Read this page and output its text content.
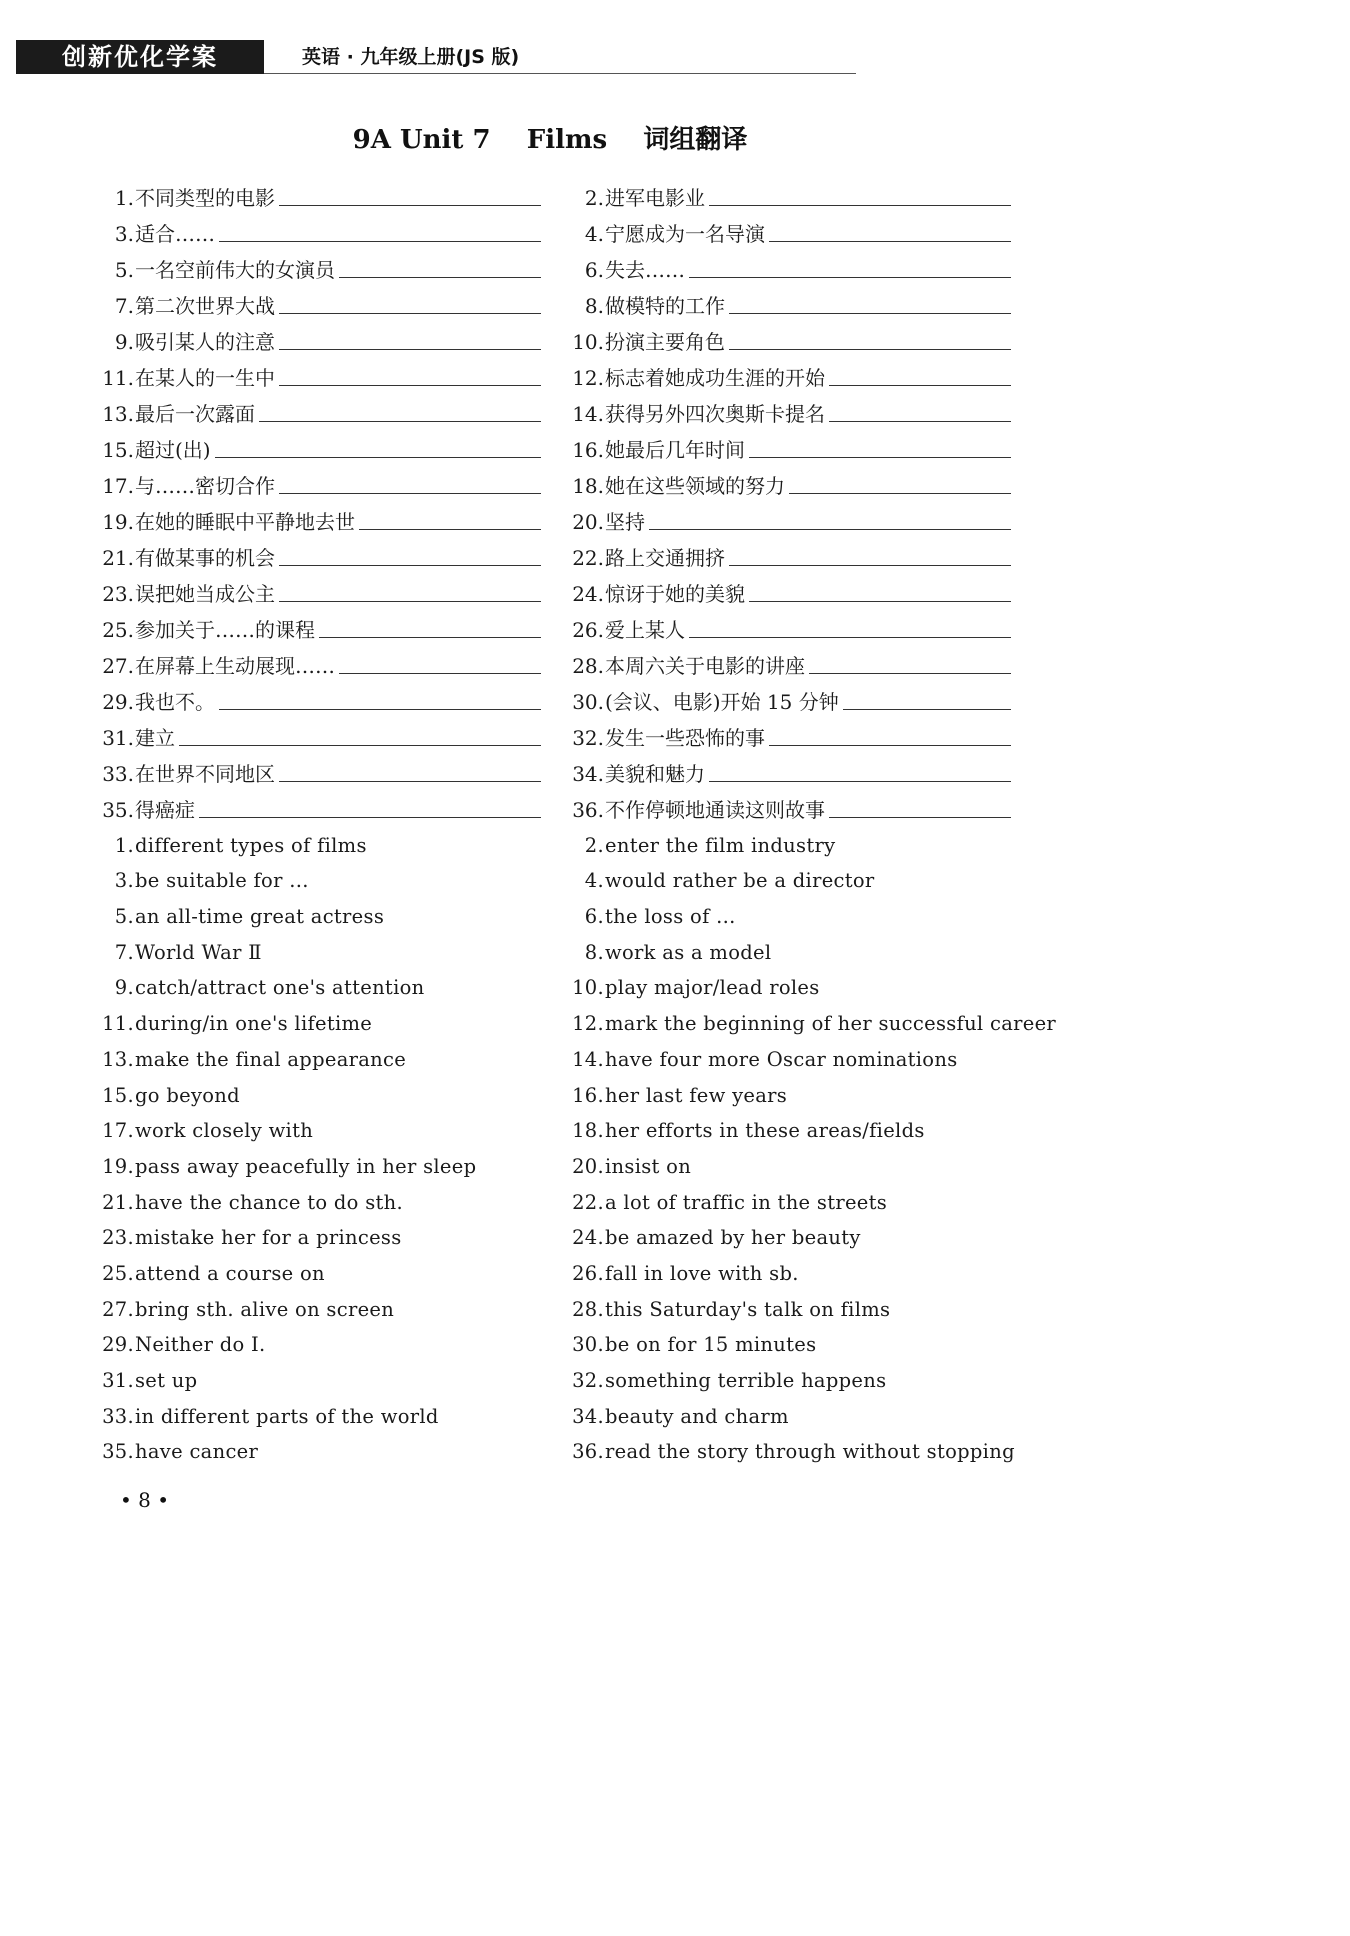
创新优化学案	英语 · 九年级上册(JS 版)
9A Unit 7    Films    词组翻译
1. 不同类型的电影	2. 进军电影业
3. 适合……	4. 宁愿成为一名导演
5. 一名空前伟大的女演员	6. 失去……
7. 第二次世界大战	8. 做模特的工作
9. 吸引某人的注意	10. 扮演主要角色
11. 在某人的一生中	12. 标志着她成功生涯的开始
13. 最后一次露面	14. 获得另外四次奥斯卡提名
15. 超过(出)	16. 她最后几年时间
17. 与……密切合作	18. 她在这些领域的努力
19. 在她的睡眠中平静地去世	20. 坚持
21. 有做某事的机会	22. 路上交通拥挤
23. 误把她当成公主	24. 惊讶于她的美貌
25. 参加关于……的课程	26. 爱上某人
27. 在屏幕上生动展现……	28. 本周六关于电影的讲座
29. 我也不。	30. (会议、电影)开始 15 分钟
31. 建立	32. 发生一些恐怖的事
33. 在世界不同地区	34. 美貌和魅力
35. 得癌症	36. 不作停顿地通读这则故事
1. different types of films	2. enter the film industry
3. be suitable for ...	4. would rather be a director
5. an all-time great actress	6. the loss of ...
7. World War Ⅱ	8. work as a model
9. catch/attract one's attention	10. play major/lead roles
11. during/in one's lifetime	12. mark the beginning of her successful career
13. make the final appearance	14. have four more Oscar nominations
15. go beyond	16. her last few years
17. work closely with	18. her efforts in these areas/fields
19. pass away peacefully in her sleep	20. insist on
21. have the chance to do sth.	22. a lot of traffic in the streets
23. mistake her for a princess	24. be amazed by her beauty
25. attend a course on	26. fall in love with sb.
27. bring sth. alive on screen	28. this Saturday's talk on films
29. Neither do I.	30. be on for 15 minutes
31. set up	32. something terrible happens
33. in different parts of the world	34. beauty and charm
35. have cancer	36. read the story through without stopping
• 8 •
